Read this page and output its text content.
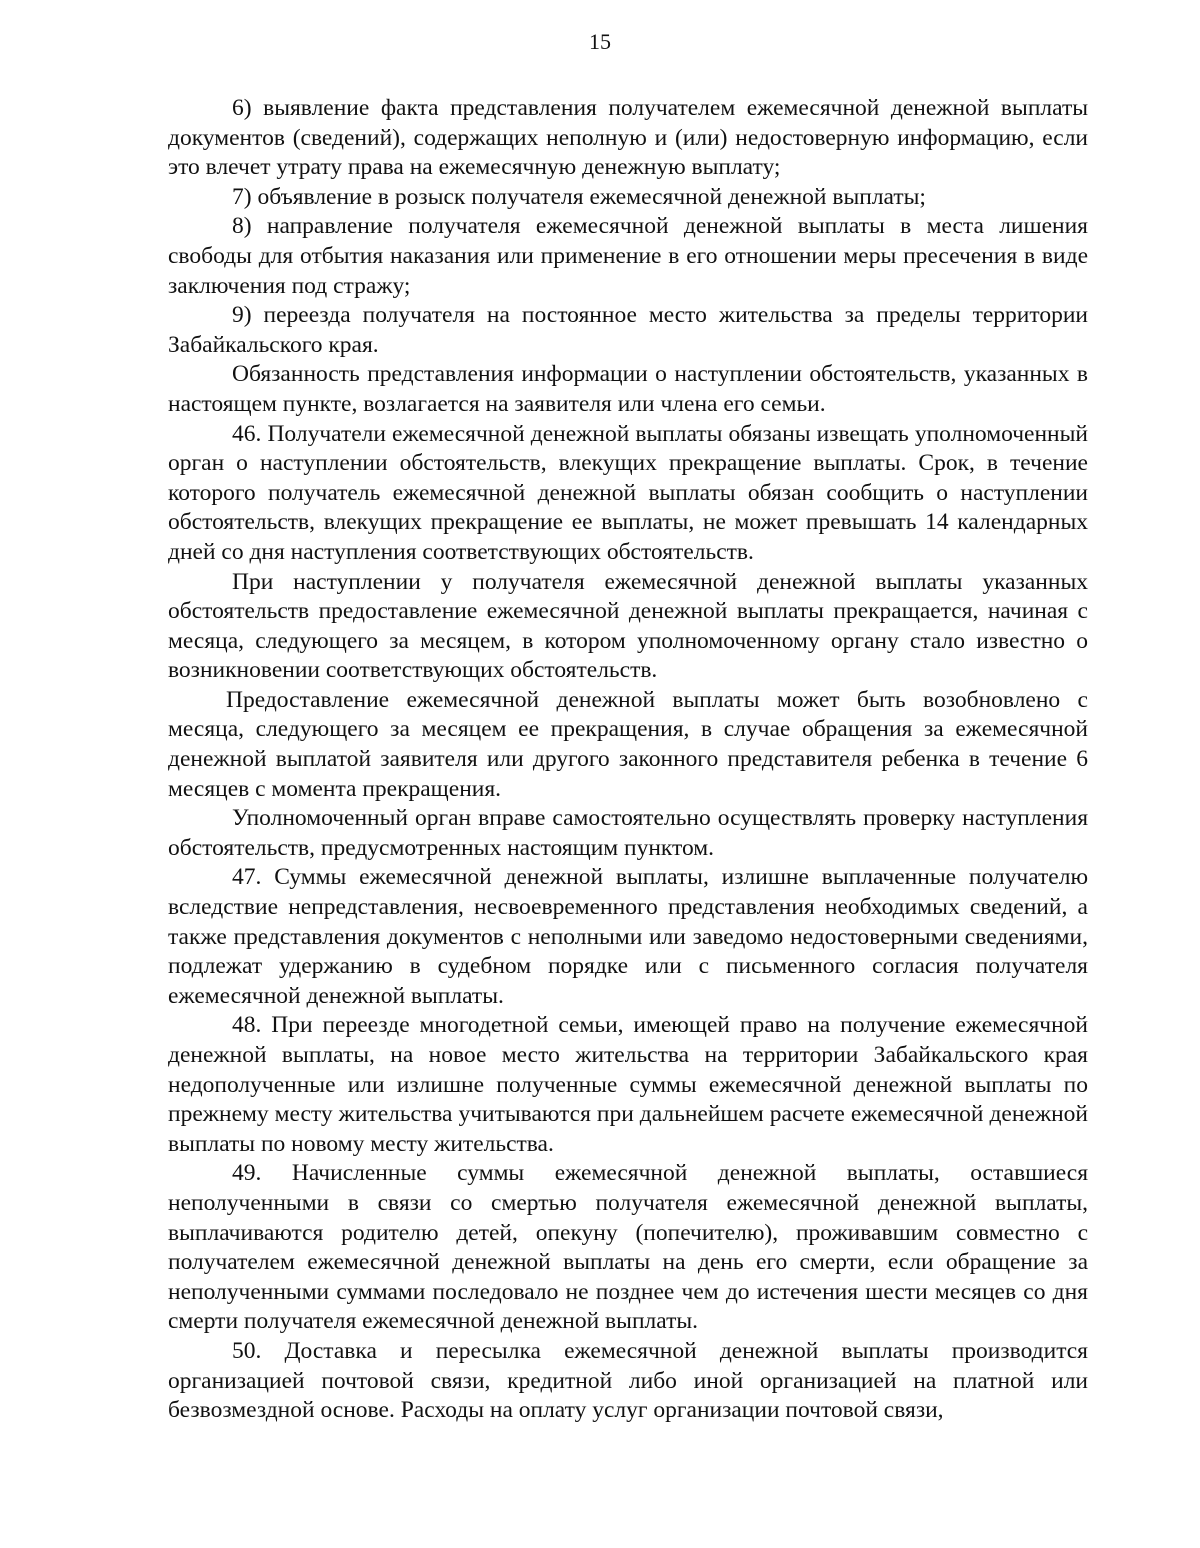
15

6) выявление факта представления получателем ежемесячной денежной выплаты документов (сведений), содержащих неполную и (или) недостоверную информацию, если это влечет утрату права на ежемесячную денежную выплату;

7) объявление в розыск получателя ежемесячной денежной выплаты;

8) направление получателя ежемесячной денежной выплаты в места лишения свободы для отбытия наказания или применение в его отношении меры пресечения в виде заключения под стражу;

9) переезда получателя на постоянное место жительства за пределы территории Забайкальского края.

Обязанность представления информации о наступлении обстоятельств, указанных в настоящем пункте, возлагается на заявителя или члена его семьи.

46. Получатели ежемесячной денежной выплаты обязаны извещать уполномоченный орган о наступлении обстоятельств, влекущих прекращение выплаты. Срок, в течение которого получатель ежемесячной денежной выплаты обязан сообщить о наступлении обстоятельств, влекущих прекращение ее выплаты, не может превышать 14 календарных дней со дня наступления соответствующих обстоятельств.

При наступлении у получателя ежемесячной денежной выплаты указанных обстоятельств предоставление ежемесячной денежной выплаты прекращается, начиная с месяца, следующего за месяцем, в котором уполномоченному органу стало известно о возникновении соответствующих обстоятельств.

Предоставление ежемесячной денежной выплаты может быть возобновлено с месяца, следующего за месяцем ее прекращения, в случае обращения за ежемесячной денежной выплатой заявителя или другого законного представителя ребенка в течение 6 месяцев с момента прекращения.

Уполномоченный орган вправе самостоятельно осуществлять проверку наступления обстоятельств, предусмотренных настоящим пунктом.

47. Суммы ежемесячной денежной выплаты, излишне выплаченные получателю вследствие непредставления, несвоевременного представления необходимых сведений, а также представления документов с неполными или заведомо недостоверными сведениями, подлежат удержанию в судебном порядке или с письменного согласия получателя ежемесячной денежной выплаты.

48. При переезде многодетной семьи, имеющей право на получение ежемесячной денежной выплаты, на новое место жительства на территории Забайкальского края недополученные или излишне полученные суммы ежемесячной денежной выплаты по прежнему месту жительства учитываются при дальнейшем расчете ежемесячной денежной выплаты по новому месту жительства.

49. Начисленные суммы ежемесячной денежной выплаты, оставшиеся неполученными в связи со смертью получателя ежемесячной денежной выплаты, выплачиваются родителю детей, опекуну (попечителю), проживавшим совместно с получателем ежемесячной денежной выплаты на день его смерти, если обращение за неполученными суммами последовало не позднее чем до истечения шести месяцев со дня смерти получателя ежемесячной денежной выплаты.

50. Доставка и пересылка ежемесячной денежной выплаты производится организацией почтовой связи, кредитной либо иной организацией на платной или безвозмездной основе. Расходы на оплату услуг организации почтовой связи,
